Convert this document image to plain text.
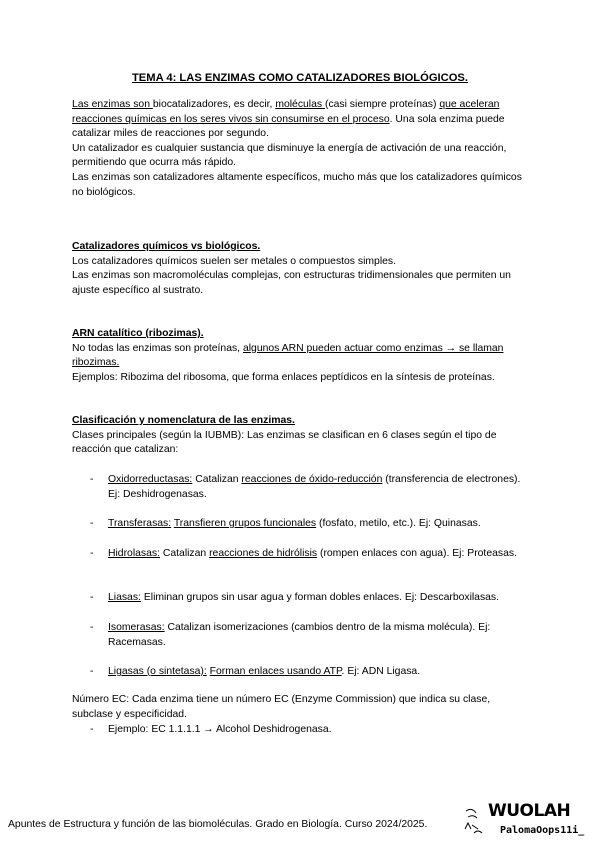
TEMA 4: LAS ENZIMAS COMO CATALIZADORES BIOLÓGICOS.

Las enzimas son biocatalizadores, es decir, moléculas (casi siempre proteínas) que aceleran reacciones químicas en los seres vivos sin consumirse en el proceso. Una sola enzima puede catalizar miles de reacciones por segundo.

Un catalizador es cualquier sustancia que disminuye la energía de activación de una reacción, permitiendo que ocurra más rápido.

Las enzimas son catalizadores altamente específicos, mucho más que los catalizadores químicos no biológicos.

Catalizadores químicos vs biológicos.

Los catalizadores químicos suelen ser metales o compuestos simples.

Las enzimas son macromoléculas complejas, con estructuras tridimensionales que permiten un ajuste específico al sustrato.

ARN catalítico (ribozimas).

No todas las enzimas son proteínas, algunos ARN pueden actuar como enzimas → se llaman ribozimas.

Ejemplos: Ribozima del ribosoma, que forma enlaces peptídicos en la síntesis de proteínas.

Clasificación y nomenclatura de las enzimas.

Clases principales (según la IUBMB): Las enzimas se clasifican en 6 clases según el tipo de reacción que catalizan:

- Oxidorreductasas: Catalizan reacciones de óxido-reducción (transferencia de electrones). Ej: Deshidrogenasas.
- Transferasas: Transfieren grupos funcionales (fosfato, metilo, etc.). Ej: Quinasas.
- Hidrolasas: Catalizan reacciones de hidrólisis (rompen enlaces con agua). Ej: Proteasas.
- Liasas: Eliminan grupos sin usar agua y forman dobles enlaces. Ej: Descarboxilasas.
- Isomerasas: Catalizan isomerizaciones (cambios dentro de la misma molécula). Ej: Racemasas.
- Ligasas (o sintetasa): Forman enlaces usando ATP. Ej: ADN Ligasa.

Número EC: Cada enzima tiene un número EC (Enzyme Commission) que indica su clase, subclase y especificidad.

- Ejemplo: EC 1.1.1.1 → Alcohol Deshidrogenasa.
Apuntes de Estructura y función de las biomoléculas. Grado en Biología. Curso 2024/2025.
WUOLAH
PalomaOops11i_
